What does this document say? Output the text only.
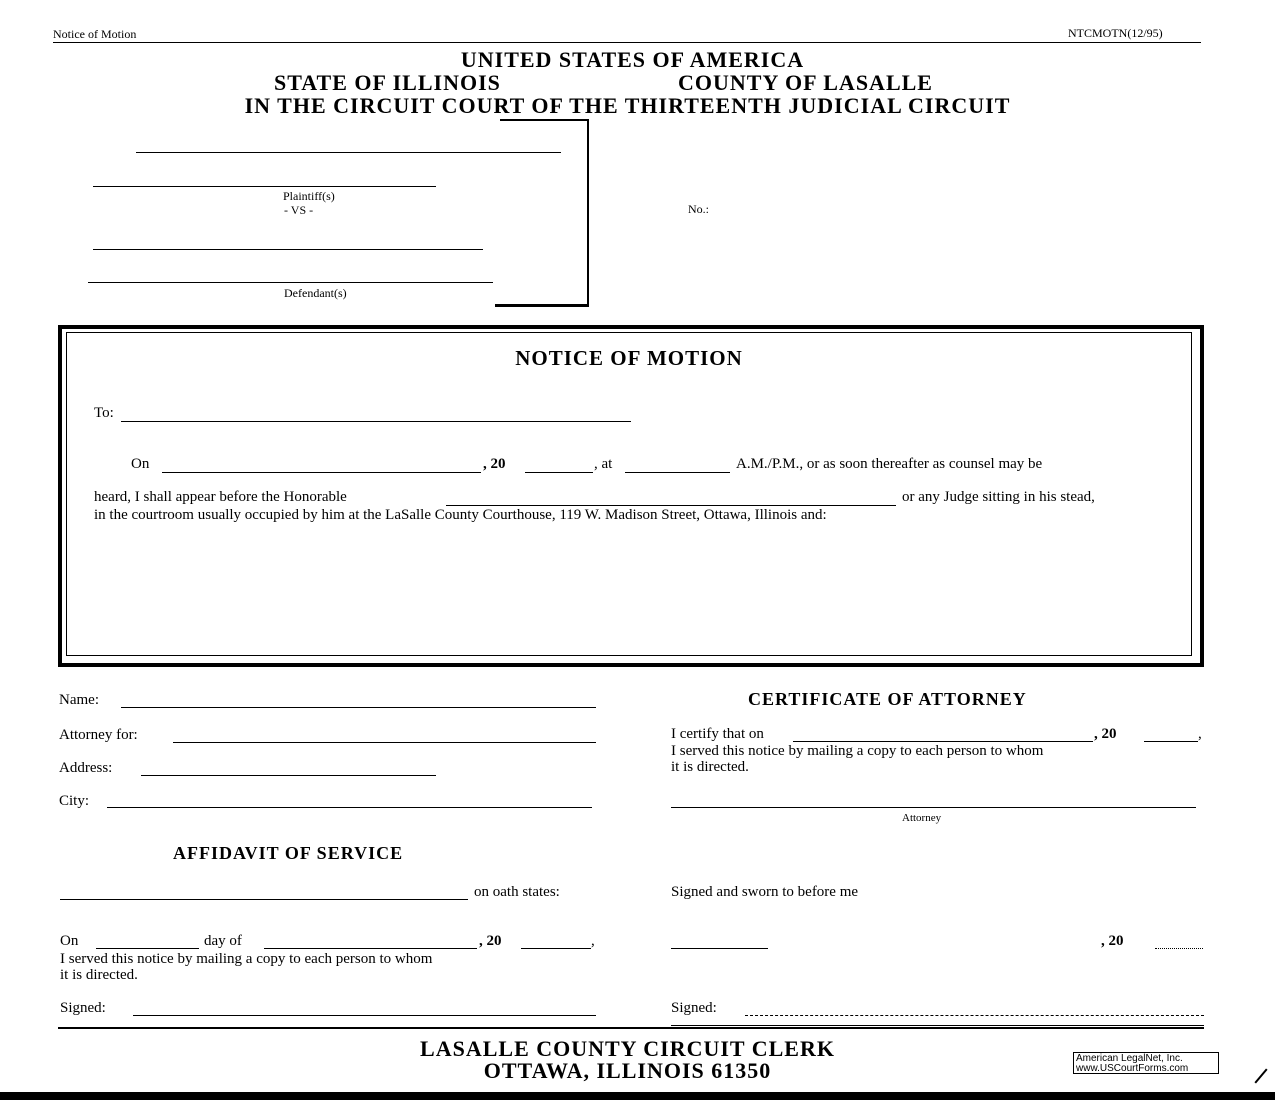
Notice of Motion	NTCMOTN(12/95)
UNITED STATES OF AMERICA
STATE OF ILLINOIS	COUNTY OF LASALLE
IN THE CIRCUIT COURT OF THE THIRTEENTH JUDICIAL CIRCUIT
Plaintiff(s)
- VS -
Defendant(s)
No.:
NOTICE OF MOTION
To:
On	, 20	, at	A.M./P.M., or as soon thereafter as counsel may be
heard, I shall appear before the Honorable	or any Judge sitting in his stead,
in the courtroom usually occupied by him at the LaSalle County Courthouse, 119 W. Madison Street, Ottawa, Illinois and:
Name:
Attorney for:
Address:
City:
CERTIFICATE OF ATTORNEY
I certify that on	, 20	,
I served this notice by mailing a copy to each person to whom
it is directed.
Attorney
AFFIDAVIT OF SERVICE
on oath states:
On	day of	, 20	,
I served this notice by mailing a copy to each person to whom
it is directed.
Signed:
Signed and sworn to before me
, 20
Signed:
LASALLE COUNTY CIRCUIT CLERK
OTTAWA, ILLINOIS 61350	American LegalNet, Inc.
www.USCourtForms.com
